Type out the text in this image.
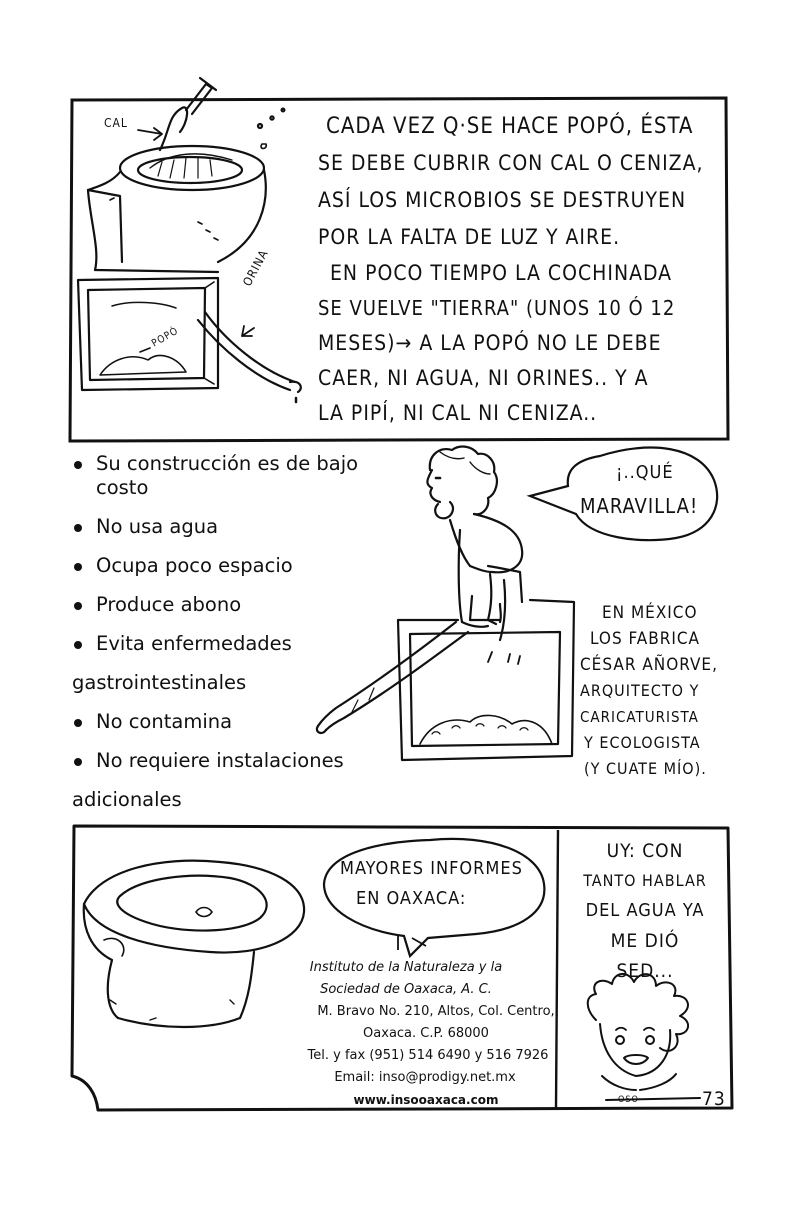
CAL
ORINA
POPÓ
CADA VEZ Q·SE HACE POPÓ, ÉSTA
SE DEBE CUBRIR CON CAL O CENIZA,
ASÍ LOS MICROBIOS SE DESTRUYEN
POR LA FALTA DE LUZ Y AIRE.
EN POCO TIEMPO LA COCHINADA
SE VUELVE "TIERRA" (UNOS 10 Ó 12
MESES)→ A LA POPÓ NO LE DEBE
CAER, NI AGUA, NI ORINES.. Y A
LA PIPÍ, NI CAL NI CENIZA..
Su construcción es de bajo
costo
No usa agua
Ocupa poco espacio
Produce abono
Evita enfermedades
gastrointestinales
No contamina
No requiere instalaciones
adicionales
¡..QUÉ
MARAVILLA!
EN MÉXICO
LOS FABRICA
CÉSAR AÑORVE,
ARQUITECTO Y
CARICATURISTA
Y ECOLOGISTA
(Y CUATE MÍO).
MAYORES INFORMES
EN OAXACA:
Instituto de la Naturaleza y la
Sociedad de Oaxaca, A. C.
M. Bravo No. 210, Altos, Col. Centro,
Oaxaca. C.P. 68000
Tel. y fax (951) 514 6490 y 516 7926
Email: inso@prodigy.net.mx
www.insooaxaca.com
UY: CON
TANTO HABLAR
DEL AGUA YA
ME DIÓ
SED...
OSO	73
